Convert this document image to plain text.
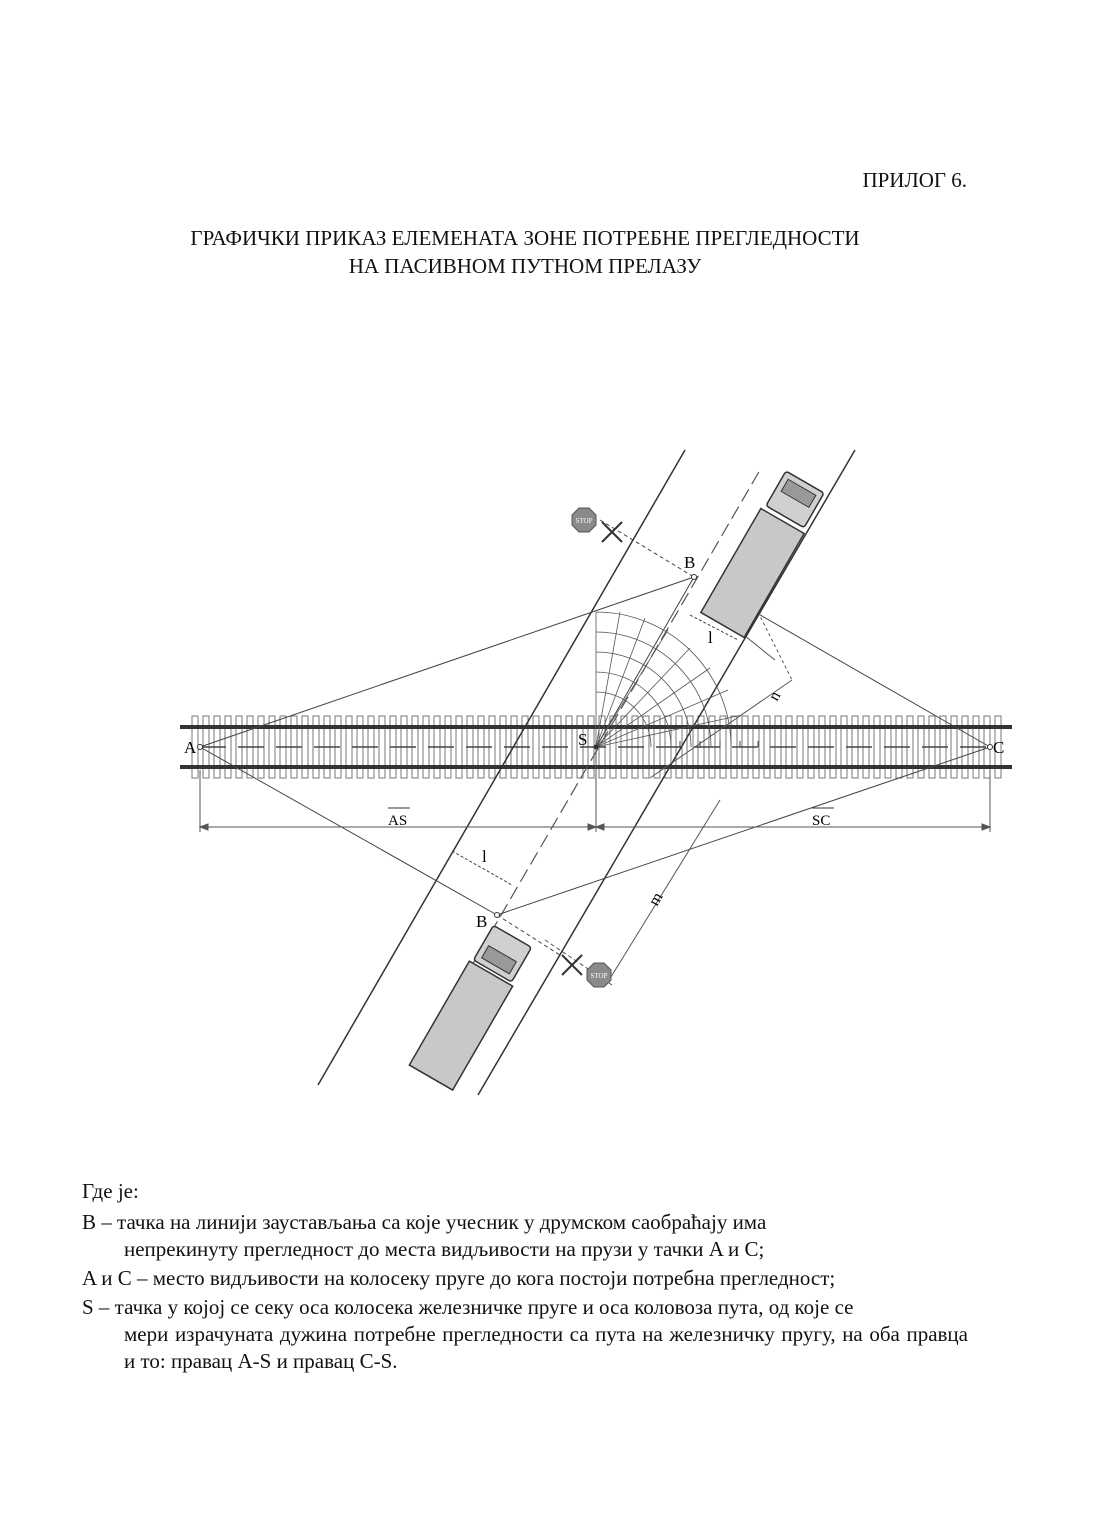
ПРИЛОГ 6.
ГРАФИЧКИ ПРИКАЗ ЕЛЕМЕНАТА ЗОНЕ ПОТРЕБНЕ ПРЕГЛЕДНОСТИ
НА ПАСИВНОМ ПУТНОМ ПРЕЛАЗУ
STOP
STOP
A	C
S
B
B
AS	SC
l
l
m
n
Где је:
B – тачка на линији заустављања са које учесник у друмском саобраћају има
непрекинуту прегледност до места видљивости на прузи у тачки A и C;
A и C – место видљивости на колосеку пруге до кога постоји потребна прегледност;
S – тачка у којој се секу оса колосека железничке пруге и оса коловоза пута, од које се
мери израчуната дужина потребне прегледности са пута на железничку пругу, на оба правца и то: правац A-S и правац C-S.
